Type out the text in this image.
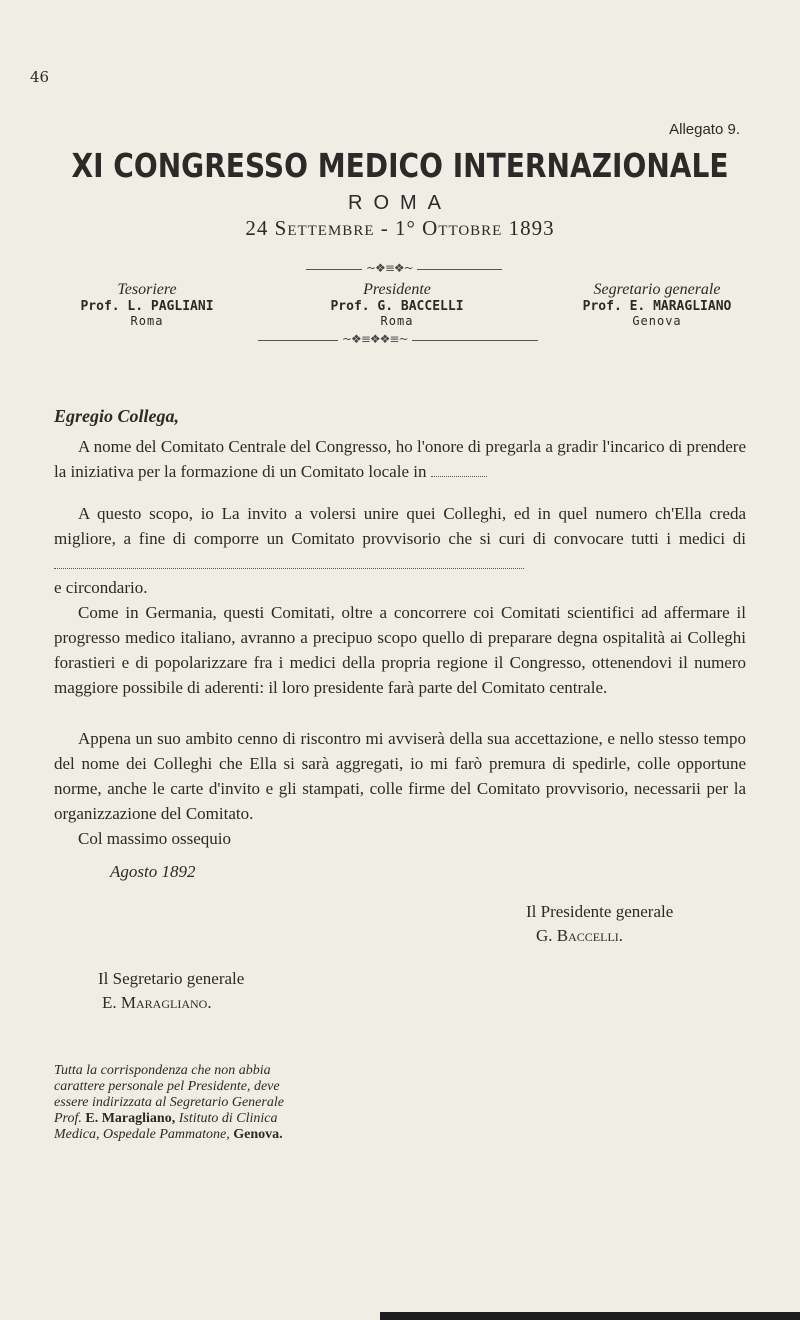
46
Allegato 9.
XI CONGRESSO MEDICO INTERNAZIONALE
ROMA
24 Settembre - 1° Ottobre 1893
~❖≡❖~
Tesoriere
Prof. L. PAGLIANI
Roma
Presidente
Prof. G. BACCELLI
Roma
Segretario generale
Prof. E. MARAGLIANO
Genova
~❖≡❖❖≡~
Egregio Collega,
A nome del Comitato Centrale del Congresso, ho l'onore di pregarla a gradir l'incarico di prendere la iniziativa per la formazione di un Comitato locale in
A questo scopo, io La invito a volersi unire quei Colleghi, ed in quel numero ch'Ella creda migliore, a fine di comporre un Comitato provvisorio che si curi di convocare tutti i medici di
e circondario.
Come in Germania, questi Comitati, oltre a concorrere coi Comitati scientifici ad affermare il progresso medico italiano, avranno a precipuo scopo quello di preparare degna ospitalità ai Colleghi forastieri e di popolarizzare fra i medici della propria regione il Congresso, ottenendovi il numero maggiore possibile di aderenti: il loro presidente farà parte del Comitato centrale.
Appena un suo ambito cenno di riscontro mi avviserà della sua accettazione, e nello stesso tempo del nome dei Colleghi che Ella si sarà aggregati, io mi farò premura di spedirle, colle opportune norme, anche le carte d'invito e gli stampati, colle firme del Comitato provvisorio, necessarii per la organizzazione del Comitato.
Col massimo ossequio
Agosto 1892
Il Presidente generale
G. Baccelli.
Il Segretario generale
E. Maragliano.
Tutta la corrispondenza che non abbia carattere personale pel Presidente, deve essere indirizzata al Segretario Generale Prof. E. Maragliano, Istituto di Clinica Medica, Ospedale Pammatone, Genova.
